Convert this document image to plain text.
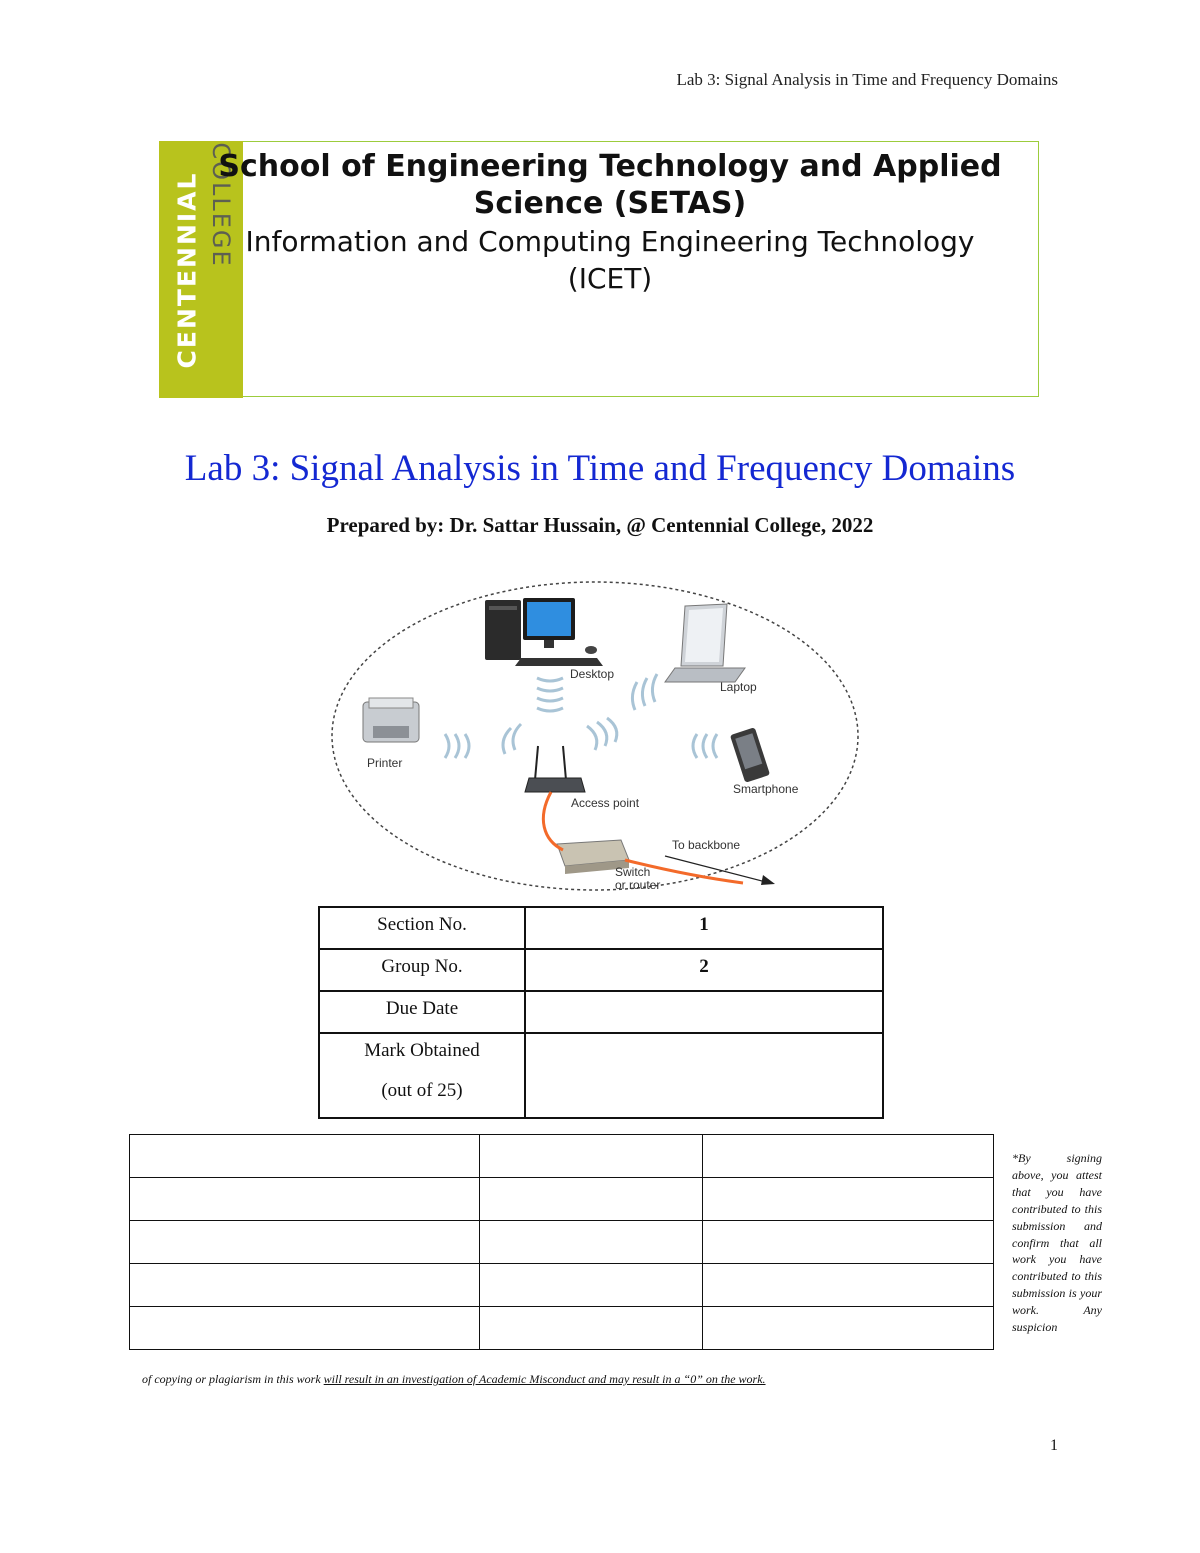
Lab 3: Signal Analysis in Time and Frequency Domains
CENTENNIAL COLLEGE
School of Engineering Technology and Applied
Science (SETAS)
Information and Computing Engineering Technology
(ICET)
Lab 3: Signal Analysis in Time and Frequency Domains
Prepared by: Dr. Sattar Hussain, @ Centennial College, 2022
Desktop
Laptop
Printer
Smartphone
Access point
Switch
or router
To backbone
Section No.	1
Group No.	2
Due Date	

Mark Obtained
(out of 25)	

*By signing above, you attest that you have contributed to this submission and confirm that all work you have contributed to this submission is your work. Any suspicion
of copying or plagiarism in this work will result in an investigation of Academic Misconduct and may result in a “0” on the work.
1
